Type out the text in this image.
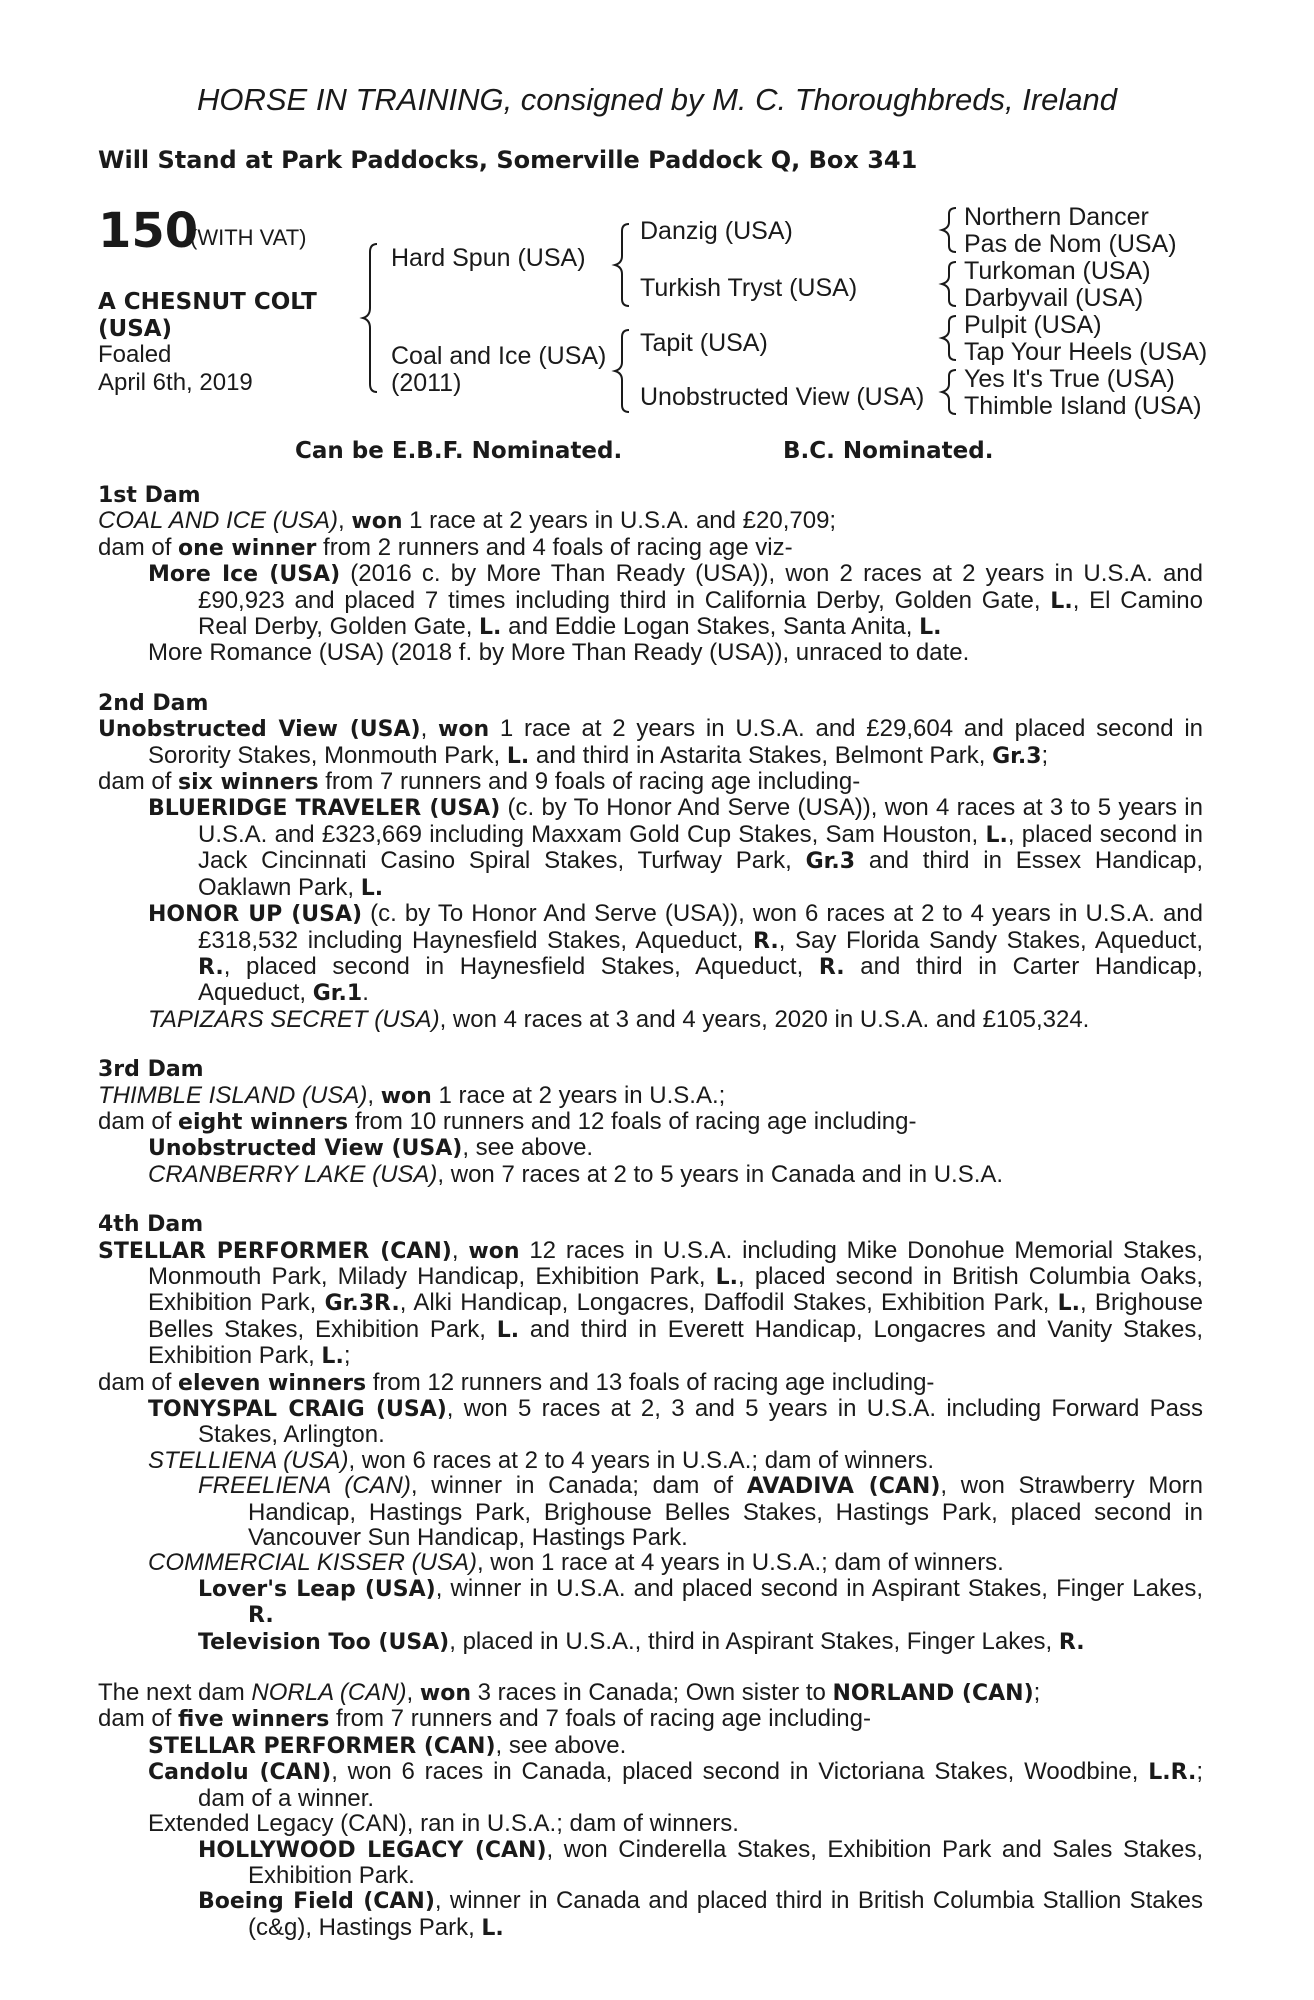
HORSE IN TRAINING, consigned by M. C. Thoroughbreds, Ireland
Will Stand at Park Paddocks, Somerville Paddock Q, Box 341
150
(WITH VAT)
A CHESNUT COLT
(USA)
Foaled
April 6th, 2019
Hard Spun (USA)
Coal and Ice (USA)
(2011)
Danzig (USA)
Turkish Tryst (USA)
Tapit (USA)
Unobstructed View (USA)
Northern Dancer
Pas de Nom (USA)
Turkoman (USA)
Darbyvail (USA)
Pulpit (USA)
Tap Your Heels (USA)
Yes It's True (USA)
Thimble Island (USA)
Can be E.B.F. Nominated.	B.C. Nominated.

1st Dam

COAL AND ICE (USA), won 1 race at 2 years in U.S.A. and £20,709;

dam of one winner from 2 runners and 4 foals of racing age viz-

More Ice (USA) (2016 c. by More Than Ready (USA)), won 2 races at 2 years in U.S.A. and £90,923 and placed 7 times including third in California Derby, Golden Gate, L., El Camino Real Derby, Golden Gate, L. and Eddie Logan Stakes, Santa Anita, L.

More Romance (USA) (2018 f. by More Than Ready (USA)), unraced to date.

2nd Dam

Unobstructed View (USA), won 1 race at 2 years in U.S.A. and £29,604 and placed second in Sorority Stakes, Monmouth Park, L. and third in Astarita Stakes, Belmont Park, Gr.3;

dam of six winners from 7 runners and 9 foals of racing age including-

BLUERIDGE TRAVELER (USA) (c. by To Honor And Serve (USA)), won 4 races at 3 to 5 years in U.S.A. and £323,669 including Maxxam Gold Cup Stakes, Sam Houston, L., placed second in Jack Cincinnati Casino Spiral Stakes, Turfway Park, Gr.3 and third in Essex Handicap, Oaklawn Park, L.

HONOR UP (USA) (c. by To Honor And Serve (USA)), won 6 races at 2 to 4 years in U.S.A. and £318,532 including Haynesfield Stakes, Aqueduct, R., Say Florida Sandy Stakes, Aqueduct, R., placed second in Haynesfield Stakes, Aqueduct, R. and third in Carter Handicap, Aqueduct, Gr.1.

TAPIZARS SECRET (USA), won 4 races at 3 and 4 years, 2020 in U.S.A. and £105,324.

3rd Dam

THIMBLE ISLAND (USA), won 1 race at 2 years in U.S.A.;

dam of eight winners from 10 runners and 12 foals of racing age including-

Unobstructed View (USA), see above.

CRANBERRY LAKE (USA), won 7 races at 2 to 5 years in Canada and in U.S.A.

4th Dam

STELLAR PERFORMER (CAN), won 12 races in U.S.A. including Mike Donohue Memorial Stakes, Monmouth Park, Milady Handicap, Exhibition Park, L., placed second in British Columbia Oaks, Exhibition Park, Gr.3R., Alki Handicap, Longacres, Daffodil Stakes, Exhibition Park, L., Brighouse Belles Stakes, Exhibition Park, L. and third in Everett Handicap, Longacres and Vanity Stakes, Exhibition Park, L.;

dam of eleven winners from 12 runners and 13 foals of racing age including-

TONYSPAL CRAIG (USA), won 5 races at 2, 3 and 5 years in U.S.A. including Forward Pass Stakes, Arlington.

STELLIENA (USA), won 6 races at 2 to 4 years in U.S.A.; dam of winners.

FREELIENA (CAN), winner in Canada; dam of AVADIVA (CAN), won Strawberry Morn Handicap, Hastings Park, Brighouse Belles Stakes, Hastings Park, placed second in Vancouver Sun Handicap, Hastings Park.

COMMERCIAL KISSER (USA), won 1 race at 4 years in U.S.A.; dam of winners.

Lover's Leap (USA), winner in U.S.A. and placed second in Aspirant Stakes, Finger Lakes, R.

Television Too (USA), placed in U.S.A., third in Aspirant Stakes, Finger Lakes, R.

The next dam NORLA (CAN), won 3 races in Canada; Own sister to NORLAND (CAN);

dam of five winners from 7 runners and 7 foals of racing age including-

STELLAR PERFORMER (CAN), see above.

Candolu (CAN), won 6 races in Canada, placed second in Victoriana Stakes, Woodbine, L.R.; dam of a winner.

Extended Legacy (CAN), ran in U.S.A.; dam of winners.

HOLLYWOOD LEGACY (CAN), won Cinderella Stakes, Exhibition Park and Sales Stakes, Exhibition Park.

Boeing Field (CAN), winner in Canada and placed third in British Columbia Stallion Stakes (c&g), Hastings Park, L.
